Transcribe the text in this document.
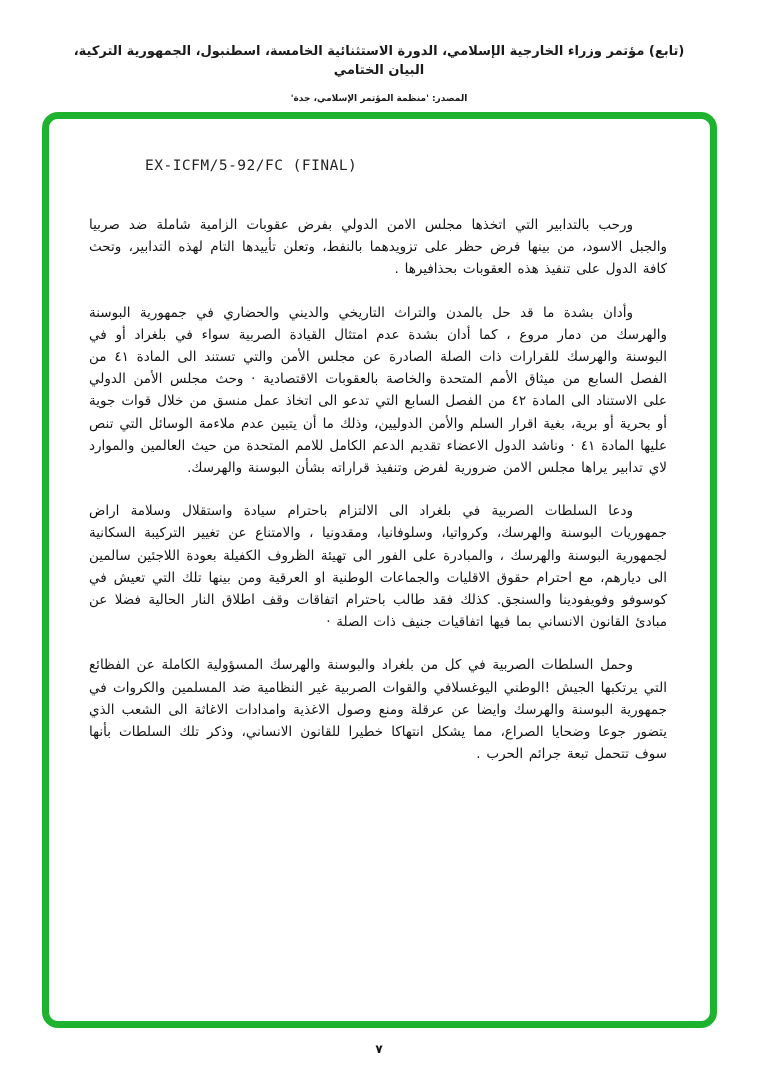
(تابع) مؤتمر وزراء الخارجية الإسلامي، الدورة الاستثنائية الخامسة، اسطنبول، الجمهورية التركية، البيان الختامي
المصدر: 'منظمة المؤتمر الإسلامي، جدة'
EX-ICFM/5-92/FC (FINAL)

ورحب بالتدابير التي اتخذها مجلس الامن الدولي بفرض عقوبات الزامية شاملة ضد صربيا والجبل الاسود، من بينها فرض حظر على تزويدهما بالنفط، وتعلن تأييدها التام لهذه التدابير، وتحث كافة الدول على تنفيذ هذه العقوبات بحذافيرها .

وأدان بشدة ما قد حل بالمدن والتراث التاريخي والديني والحضاري في جمهورية البوسنة والهرسك من دمار مروع ، كما أدان بشدة عدم امتثال القيادة الصربية سواء في بلغراد أو في البوسنة والهرسك للقرارات ذات الصلة الصادرة عن مجلس الأمن والتي تستند الى المادة ٤١ من الفصل السابع من ميثاق الأمم المتحدة والخاصة بالعقوبات الاقتصادية · وحث مجلس الأمن الدولي على الاستناد الى المادة ٤٢ من الفصل السابع التي تدعو الى اتخاذ عمل منسق من خلال قوات جوية أو بحرية أو برية، بغية اقرار السلم والأمن الدوليين، وذلك ما أن يتبين عدم ملاءمة الوسائل التي تنص عليها المادة ٤١ · وناشد الدول الاعضاء تقديم الدعم الكامل للامم المتحدة من حيث العالمين والموارد لاي تدابير يراها مجلس الامن ضرورية لفرض وتنفيذ قراراته بشأن البوسنة والهرسك.

ودعا السلطات الصربية في بلغراد الى الالتزام باحترام سيادة واستقلال وسلامة اراض جمهوريات البوسنة والهرسك، وكرواتيا، وسلوفانيا، ومقدونيا ، والامتناع عن تغيير التركيبة السكانية لجمهورية البوسنة والهرسك ، والمبادرة على الفور الى تهيئة الظروف الكفيلة بعودة اللاجئين سالمين الى ديارهم، مع احترام حقوق الاقليات والجماعات الوطنية او العرقية ومن بينها تلك التي تعيش في كوسوفو وفويفودينا والسنجق. كذلك فقد طالب باحترام اتفاقات وقف اطلاق النار الحالية فضلا عن مبادئ القانون الانساني بما فيها اتفاقيات جنيف ذات الصلة ·

وحمل السلطات الصربية في كل من بلغراد والبوسنة والهرسك المسؤولية الكاملة عن الفظائع التي يرتكبها الجيش !الوطني اليوغسلافي والقوات الصربية غير النظامية ضد المسلمين والكروات في جمهورية البوسنة والهرسك وايضا عن عرقلة ومنع وصول الاغذية وامدادات الاغاثة الى الشعب الذي يتضور جوعا وضحايا الصراع، مما يشكل انتهاكا خطيرا للقانون الانساني، وذكر تلك السلطات بأنها سوف تتحمل تبعة جرائم الحرب .

٧
